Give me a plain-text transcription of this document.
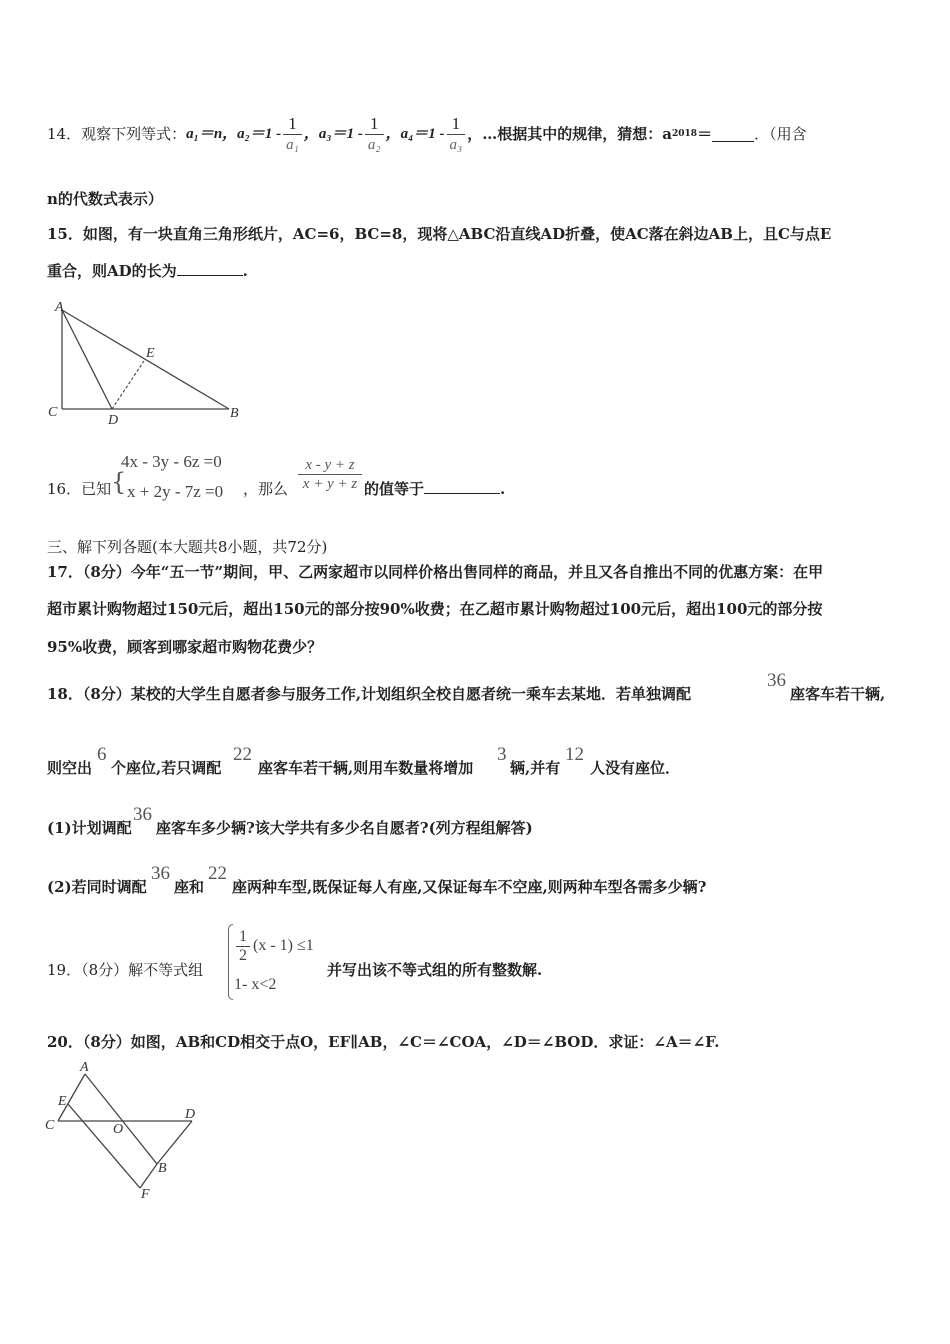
14．观察下列等式： a₁＝n，$a_2=1 - \frac{1}{\text{a₁}}$ ，$a_3=1 - \frac{1}{\text{a₂}}$ ，$a_4=1 - \frac{1}{\text{a₃}}$ ，…根据其中的规律，猜想：a 2018 ＝	．（用含
n的代数式表示）
15．如图，有一块直角三角形纸片，AC=6，BC=8，现将△ABC沿直线AD折叠，使AC落在斜边AB上，且C与点E
重合，则AD的长为	.
A
E
C
D	B
16．已知 {
4x - 3y - 6z =0
x + 2y - 7z =0 ，那么 $\frac{x - y + z}{x + y + z}$ 的值等于	.
三、解下列各题(本大题共8小题，共72分)
17．（8分）今年“五一节”期间，甲、乙两家超市以同样价格出售同样的商品，并且又各自推出不同的优惠方案：在甲
超市累计购物超过150元后，超出150元的部分按90%收费；在乙超市累计购物超过100元后，超出100元的部分按
95%收费，顾客到哪家超市购物花费少？
18．（8分）某校的大学生自愿者参与服务工作,计划组织全校自愿者统一乘车去某地．若单独调配
36
座客车若干辆,
则空出
6
个座位,若只调配
22
座客车若干辆,则用车数量将增加
3
辆,并有
12
人没有座位．
(1)计划调配
36
座客车多少辆?该大学共有多少名自愿者?(列方程组解答)
(2)若同时调配
36
座和
22
座两种车型,既保证每人有座,又保证每车不空座,则两种车型各需多少辆?
19．（8分）解不等式组
1
2
(x - 1) ≤1
1- x<2
并写出该不等式组的所有整数解.
20．（8分）如图，AB和CD相交于点O，EF∥AB，∠C＝∠COA，∠D＝∠BOD．求证：∠A＝∠F.
A
E
C	O
D
B
F
